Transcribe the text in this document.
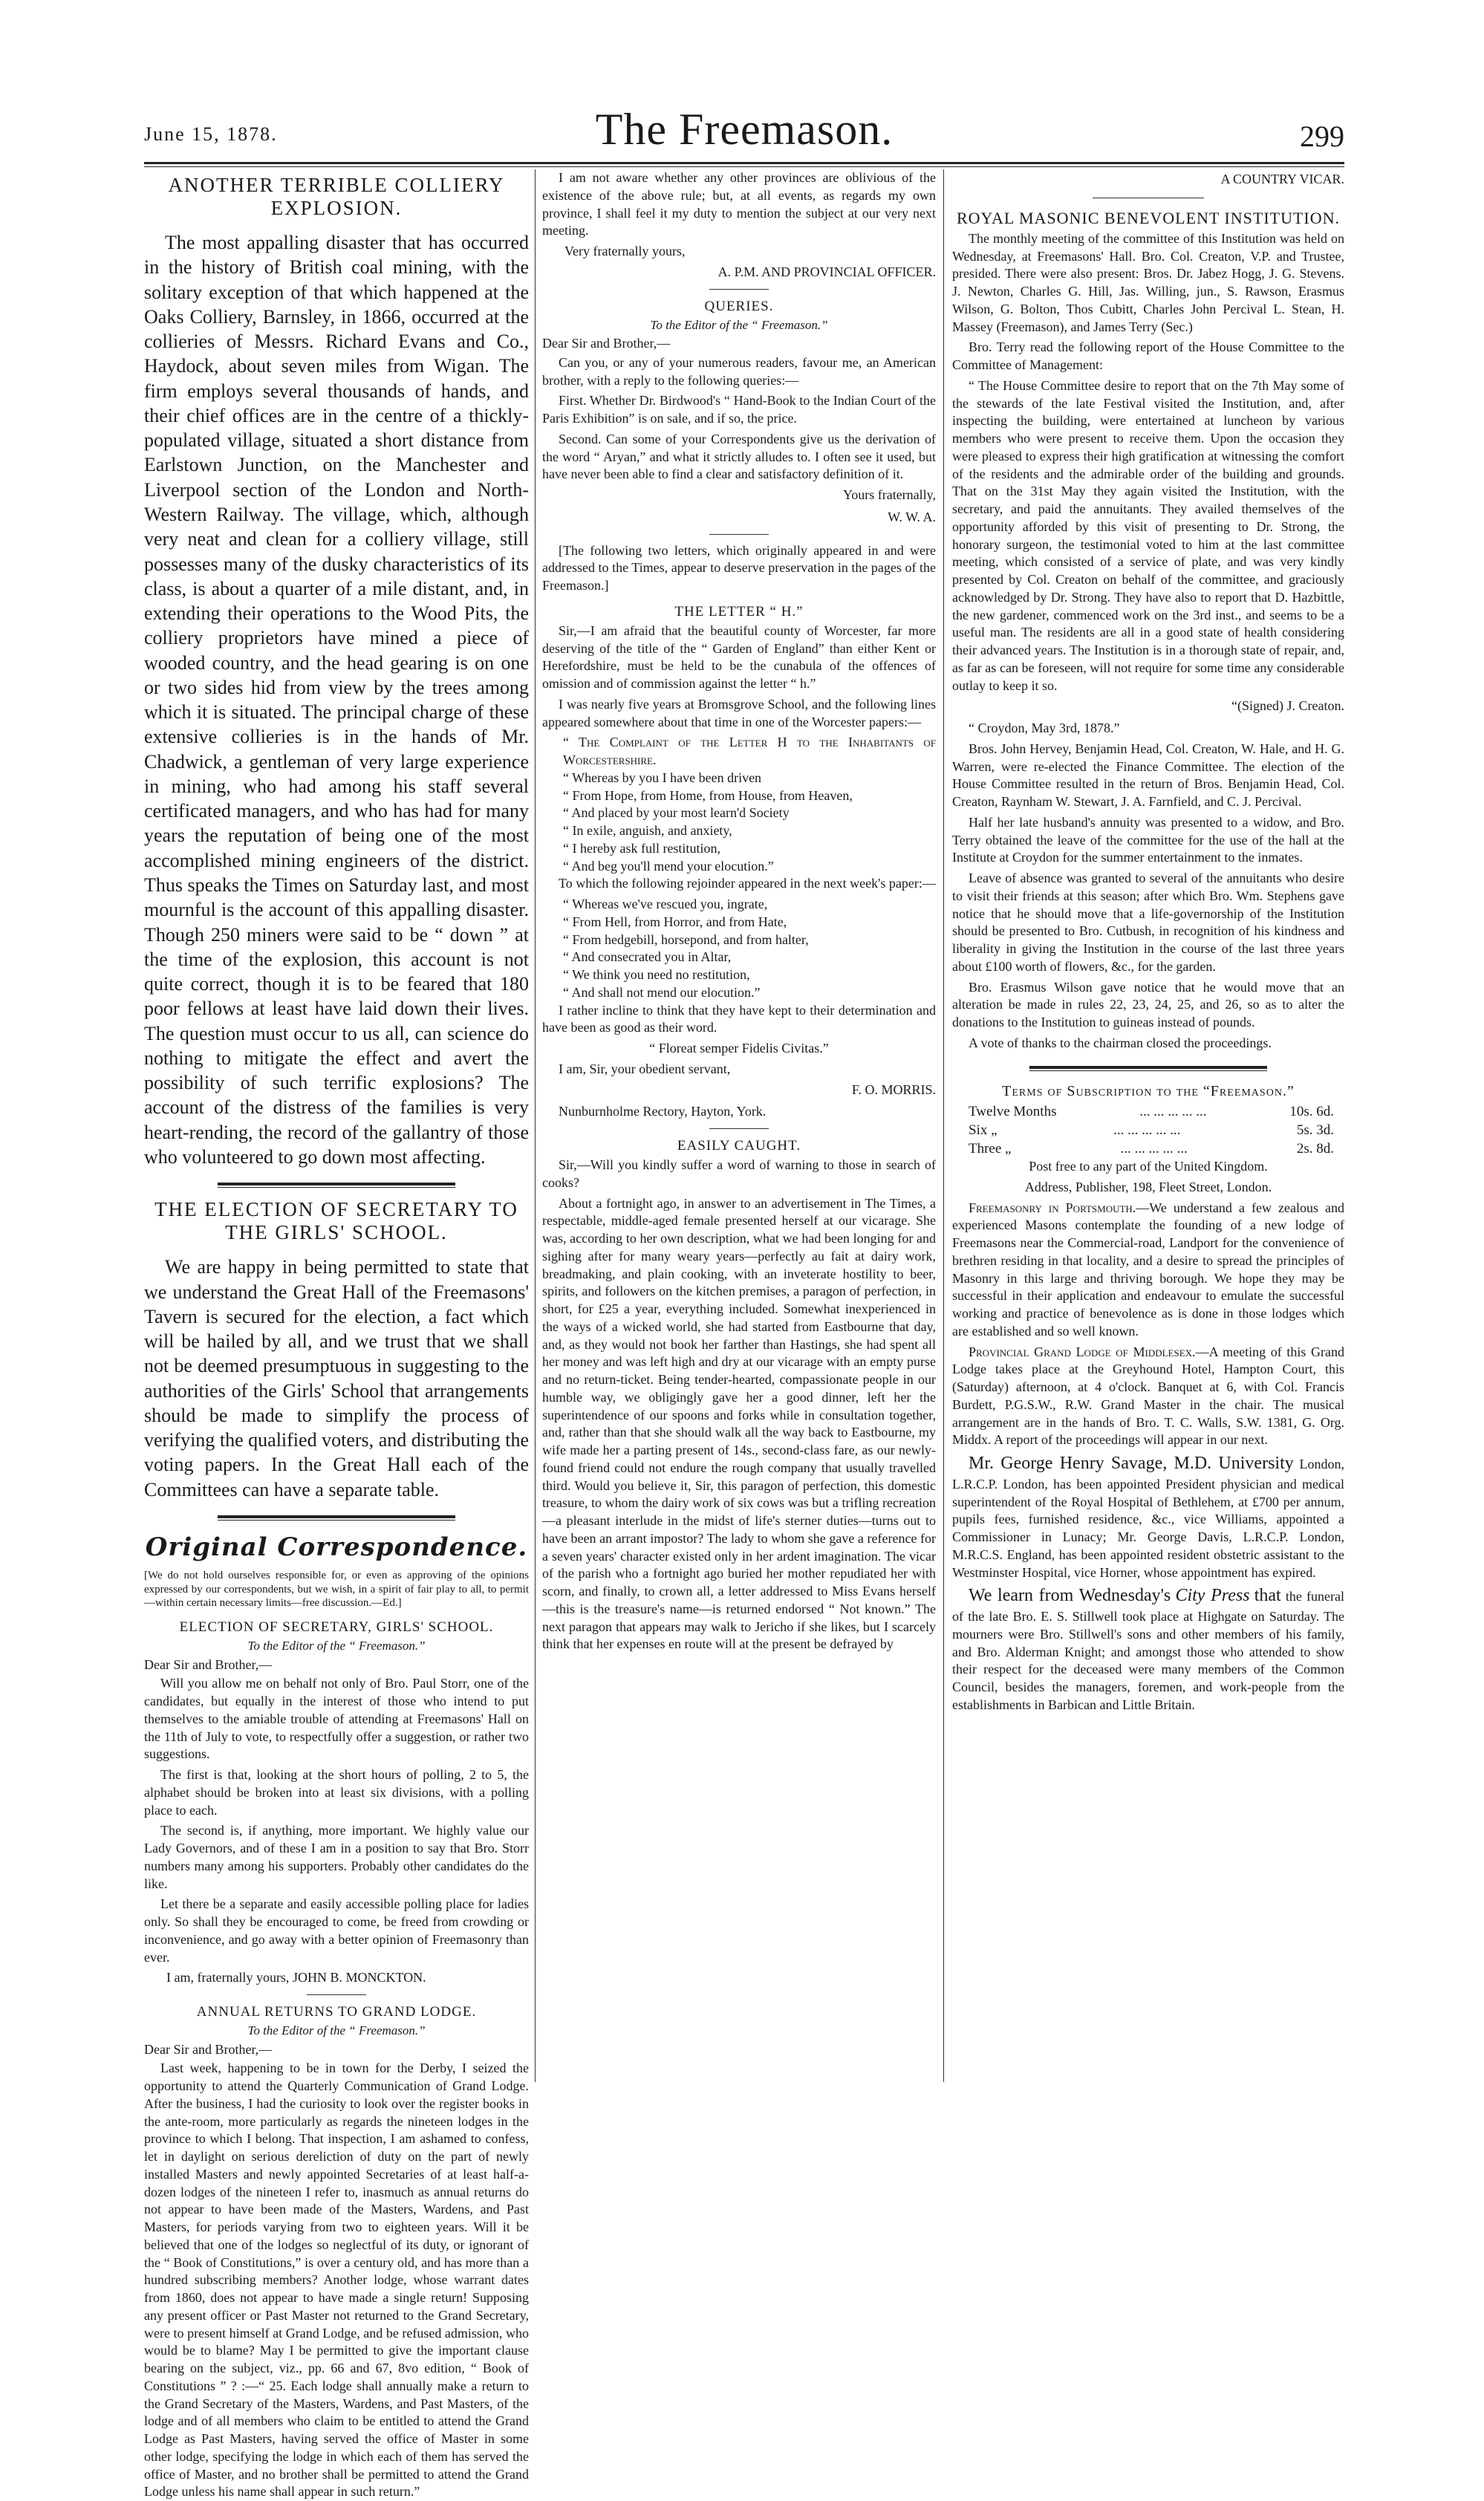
June 15, 1878.	The Freemason.	299
ANOTHER TERRIBLE COLLIERY EXPLOSION.

The most appalling disaster that has occurred in the history of British coal mining, with the solitary exception of that which happened at the Oaks Colliery, Barnsley, in 1866, occurred at the collieries of Messrs. Richard Evans and Co., Haydock, about seven miles from Wigan. The firm employs several thousands of hands, and their chief offices are in the centre of a thickly-populated village, situated a short distance from Earlstown Junction, on the Manchester and Liverpool section of the London and North-Western Railway. The village, which, although very neat and clean for a colliery village, still possesses many of the dusky characteristics of its class, is about a quarter of a mile distant, and, in extending their operations to the Wood Pits, the colliery proprietors have mined a piece of wooded country, and the head gearing is on one or two sides hid from view by the trees among which it is situated. The principal charge of these extensive collieries is in the hands of Mr. Chadwick, a gentleman of very large experience in mining, who had among his staff several certificated managers, and who has had for many years the reputation of being one of the most accomplished mining engineers of the district. Thus speaks the Times on Saturday last, and most mournful is the account of this appalling disaster. Though 250 miners were said to be “ down ” at the time of the explosion, this account is not quite correct, though it is to be feared that 180 poor fellows at least have laid down their lives. The question must occur to us all, can science do nothing to mitigate the effect and avert the possibility of such terrific explosions? The account of the distress of the families is very heart-rending, the record of the gallantry of those who volunteered to go down most affecting.

THE ELECTION OF SECRETARY TO THE GIRLS' SCHOOL.

We are happy in being permitted to state that we understand the Great Hall of the Freemasons' Tavern is secured for the election, a fact which will be hailed by all, and we trust that we shall not be deemed presumptuous in suggesting to the authorities of the Girls' School that arrangements should be made to simplify the process of verifying the qualified voters, and distributing the voting papers. In the Great Hall each of the Committees can have a separate table.

Original Correspondence.

[We do not hold ourselves responsible for, or even as approving of the opinions expressed by our correspondents, but we wish, in a spirit of fair play to all, to permit—within certain necessary limits—free discussion.—Ed.]

ELECTION OF SECRETARY, GIRLS' SCHOOL.
To the Editor of the “ Freemason.”

Dear Sir and Brother,—

Will you allow me on behalf not only of Bro. Paul Storr, one of the candidates, but equally in the interest of those who intend to put themselves to the amiable trouble of attending at Freemasons' Hall on the 11th of July to vote, to respectfully offer a suggestion, or rather two suggestions.

The first is that, looking at the short hours of polling, 2 to 5, the alphabet should be broken into at least six divisions, with a polling place to each.

The second is, if anything, more important. We highly value our Lady Governors, and of these I am in a position to say that Bro. Storr numbers many among his supporters. Probably other candidates do the like.

Let there be a separate and easily accessible polling place for ladies only. So shall they be encouraged to come, be freed from crowding or inconvenience, and go away with a better opinion of Freemasonry than ever.

I am, fraternally yours, JOHN B. MONCKTON.

ANNUAL RETURNS TO GRAND LODGE.
To the Editor of the “ Freemason.”

Dear Sir and Brother,—

Last week, happening to be in town for the Derby, I seized the opportunity to attend the Quarterly Communication of Grand Lodge. After the business, I had the curiosity to look over the register books in the ante-room, more particularly as regards the nineteen lodges in the province to which I belong. That inspection, I am ashamed to confess, let in daylight on serious dereliction of duty on the part of newly installed Masters and newly appointed Secretaries of at least half-a-dozen lodges of the nineteen I refer to, inasmuch as annual returns do not appear to have been made of the Masters, Wardens, and Past Masters, for periods varying from two to eighteen years. Will it be believed that one of the lodges so neglectful of its duty, or ignorant of the “ Book of Constitutions,” is over a century old, and has more than a hundred subscribing members? Another lodge, whose warrant dates from 1860, does not appear to have made a single return! Supposing any present officer or Past Master not returned to the Grand Secretary, were to present himself at Grand Lodge, and be refused admission, who would be to blame? May I be permitted to give the important clause bearing on the subject, viz., pp. 66 and 67, 8vo edition, “ Book of Constitutions ” ? :—“ 25. Each lodge shall annually make a return to the Grand Secretary of the Masters, Wardens, and Past Masters, of the lodge and of all members who claim to be entitled to attend the Grand Lodge as Past Masters, having served the office of Master in some other lodge, specifying the lodge in which each of them has served the office of Master, and no brother shall be permitted to attend the Grand Lodge unless his name shall appear in such return.”

I am not aware whether any other provinces are oblivious of the existence of the above rule; but, at all events, as regards my own province, I shall feel it my duty to mention the subject at our very next meeting.

Very fraternally yours,

A. P.M. AND PROVINCIAL OFFICER.

QUERIES.
To the Editor of the “ Freemason.”

Dear Sir and Brother,—

Can you, or any of your numerous readers, favour me, an American brother, with a reply to the following queries:—

First. Whether Dr. Birdwood's “ Hand-Book to the Indian Court of the Paris Exhibition” is on sale, and if so, the price.

Second. Can some of your Correspondents give us the derivation of the word “ Aryan,” and what it strictly alludes to. I often see it used, but have never been able to find a clear and satisfactory definition of it.

Yours fraternally,

W. W. A.

[The following two letters, which originally appeared in and were addressed to the Times, appear to deserve preservation in the pages of the Freemason.]

THE LETTER “ H.”

Sir,—I am afraid that the beautiful county of Worcester, far more deserving of the title of the “ Garden of England” than either Kent or Herefordshire, must be held to be the cunabula of the offences of omission and of commission against the letter “ h.”

I was nearly five years at Bromsgrove School, and the following lines appeared somewhere about that time in one of the Worcester papers:—

“ The Complaint of the Letter H to the Inhabitants of Worcestershire.

“ Whereas by you I have been driven

“ From Hope, from Home, from House, from Heaven,

“ And placed by your most learn'd Society

“ In exile, anguish, and anxiety,

“ I hereby ask full restitution,

“ And beg you'll mend your elocution.”

To which the following rejoinder appeared in the next week's paper:—

“ Whereas we've rescued you, ingrate,

“ From Hell, from Horror, and from Hate,

“ From hedgebill, horsepond, and from halter,

“ And consecrated you in Altar,

“ We think you need no restitution,

“ And shall not mend our elocution.”

I rather incline to think that they have kept to their determination and have been as good as their word.

“ Floreat semper Fidelis Civitas.”

I am, Sir, your obedient servant,

F. O. MORRIS.

Nunburnholme Rectory, Hayton, York.

EASILY CAUGHT.

Sir,—Will you kindly suffer a word of warning to those in search of cooks?

About a fortnight ago, in answer to an advertisement in The Times, a respectable, middle-aged female presented herself at our vicarage. She was, according to her own description, what we had been longing for and sighing after for many weary years—perfectly au fait at dairy work, breadmaking, and plain cooking, with an inveterate hostility to beer, spirits, and followers on the kitchen premises, a paragon of perfection, in short, for £25 a year, everything included. Somewhat inexperienced in the ways of a wicked world, she had started from Eastbourne that day, and, as they would not book her farther than Hastings, she had spent all her money and was left high and dry at our vicarage with an empty purse and no return-ticket. Being tender-hearted, compassionate people in our humble way, we obligingly gave her a good dinner, left her the superintendence of our spoons and forks while in consultation together, and, rather than that she should walk all the way back to Eastbourne, my wife made her a parting present of 14s., second-class fare, as our newly-found friend could not endure the rough company that usually travelled third. Would you believe it, Sir, this paragon of perfection, this domestic treasure, to whom the dairy work of six cows was but a trifling recreation—a pleasant interlude in the midst of life's sterner duties—turns out to have been an arrant impostor? The lady to whom she gave a reference for a seven years' character existed only in her ardent imagination. The vicar of the parish who a fortnight ago buried her mother repudiated her with scorn, and finally, to crown all, a letter addressed to Miss Evans herself—this is the treasure's name—is returned endorsed “ Not known.” The next paragon that appears may walk to Jericho if she likes, but I scarcely think that her expenses en route will at the present be defrayed by

A COUNTRY VICAR.

ROYAL MASONIC BENEVOLENT INSTITUTION.

The monthly meeting of the committee of this Institution was held on Wednesday, at Freemasons' Hall. Bro. Col. Creaton, V.P. and Trustee, presided. There were also present: Bros. Dr. Jabez Hogg, J. G. Stevens. J. Newton, Charles G. Hill, Jas. Willing, jun., S. Rawson, Erasmus Wilson, G. Bolton, Thos Cubitt, Charles John Percival L. Stean, H. Massey (Freemason), and James Terry (Sec.)

Bro. Terry read the following report of the House Committee to the Committee of Management:

“ The House Committee desire to report that on the 7th May some of the stewards of the late Festival visited the Institution, and, after inspecting the building, were entertained at luncheon by various members who were present to receive them. Upon the occasion they were pleased to express their high gratification at witnessing the comfort of the residents and the admirable order of the building and grounds. That on the 31st May they again visited the Institution, with the secretary, and paid the annuitants. They availed themselves of the opportunity afforded by this visit of presenting to Dr. Strong, the honorary surgeon, the testimonial voted to him at the last committee meeting, which consisted of a service of plate, and was very kindly presented by Col. Creaton on behalf of the committee, and graciously acknowledged by Dr. Strong. They have also to report that D. Hazbittle, the new gardener, commenced work on the 3rd inst., and seems to be a useful man. The residents are all in a good state of health considering their advanced years. The Institution is in a thorough state of repair, and, as far as can be foreseen, will not require for some time any considerable outlay to keep it so.

“(Signed) J. Creaton.

“ Croydon, May 3rd, 1878.”

Bros. John Hervey, Benjamin Head, Col. Creaton, W. Hale, and H. G. Warren, were re-elected the Finance Committee. The election of the House Committee resulted in the return of Bros. Benjamin Head, Col. Creaton, Raynham W. Stewart, J. A. Farnfield, and C. J. Percival.

Half her late husband's annuity was presented to a widow, and Bro. Terry obtained the leave of the committee for the use of the hall at the Institute at Croydon for the summer entertainment to the inmates.

Leave of absence was granted to several of the annuitants who desire to visit their friends at this season; after which Bro. Wm. Stephens gave notice that he should move that a life-governorship of the Institution should be presented to Bro. Cutbush, in recognition of his kindness and liberality in giving the Institution in the course of the last three years about £100 worth of flowers, &c., for the garden.

Bro. Erasmus Wilson gave notice that he would move that an alteration be made in rules 22, 23, 24, 25, and 26, so as to alter the donations to the Institution to guineas instead of pounds.

A vote of thanks to the chairman closed the proceedings.

Terms of Subscription to the “Freemason.”
Twelve Months	... ... ... ... ...	10s. 6d.
Six „	... ... ... ... ...	5s. 3d.
Three „	... ... ... ... ...	2s. 8d.

Post free to any part of the United Kingdom.

Address, Publisher, 198, Fleet Street, London.

Freemasonry in Portsmouth.—We understand a few zealous and experienced Masons contemplate the founding of a new lodge of Freemasons near the Commercial-road, Landport for the convenience of brethren residing in that locality, and a desire to spread the principles of Masonry in this large and thriving borough. We hope they may be successful in their application and endeavour to emulate the successful working and practice of benevolence as is done in those lodges which are established and so well known.

Provincial Grand Lodge of Middlesex.—A meeting of this Grand Lodge takes place at the Greyhound Hotel, Hampton Court, this (Saturday) afternoon, at 4 o'clock. Banquet at 6, with Col. Francis Burdett, P.G.S.W., R.W. Grand Master in the chair. The musical arrangement are in the hands of Bro. T. C. Walls, S.W. 1381, G. Org. Middx. A report of the proceedings will appear in our next.

Mr. George Henry Savage, M.D. University London, L.R.C.P. London, has been appointed President physician and medical superintendent of the Royal Hospital of Bethlehem, at £700 per annum, pupils fees, furnished residence, &c., vice Williams, appointed a Commissioner in Lunacy; Mr. George Davis, L.R.C.P. London, M.R.C.S. England, has been appointed resident obstetric assistant to the Westminster Hospital, vice Horner, whose appointment has expired.

We learn from Wednesday's City Press that the funeral of the late Bro. E. S. Stillwell took place at Highgate on Saturday. The mourners were Bro. Stillwell's sons and other members of his family, and Bro. Alderman Knight; and amongst those who attended to show their respect for the deceased were many members of the Common Council, besides the managers, foremen, and work-people from the establishments in Barbican and Little Britain.
